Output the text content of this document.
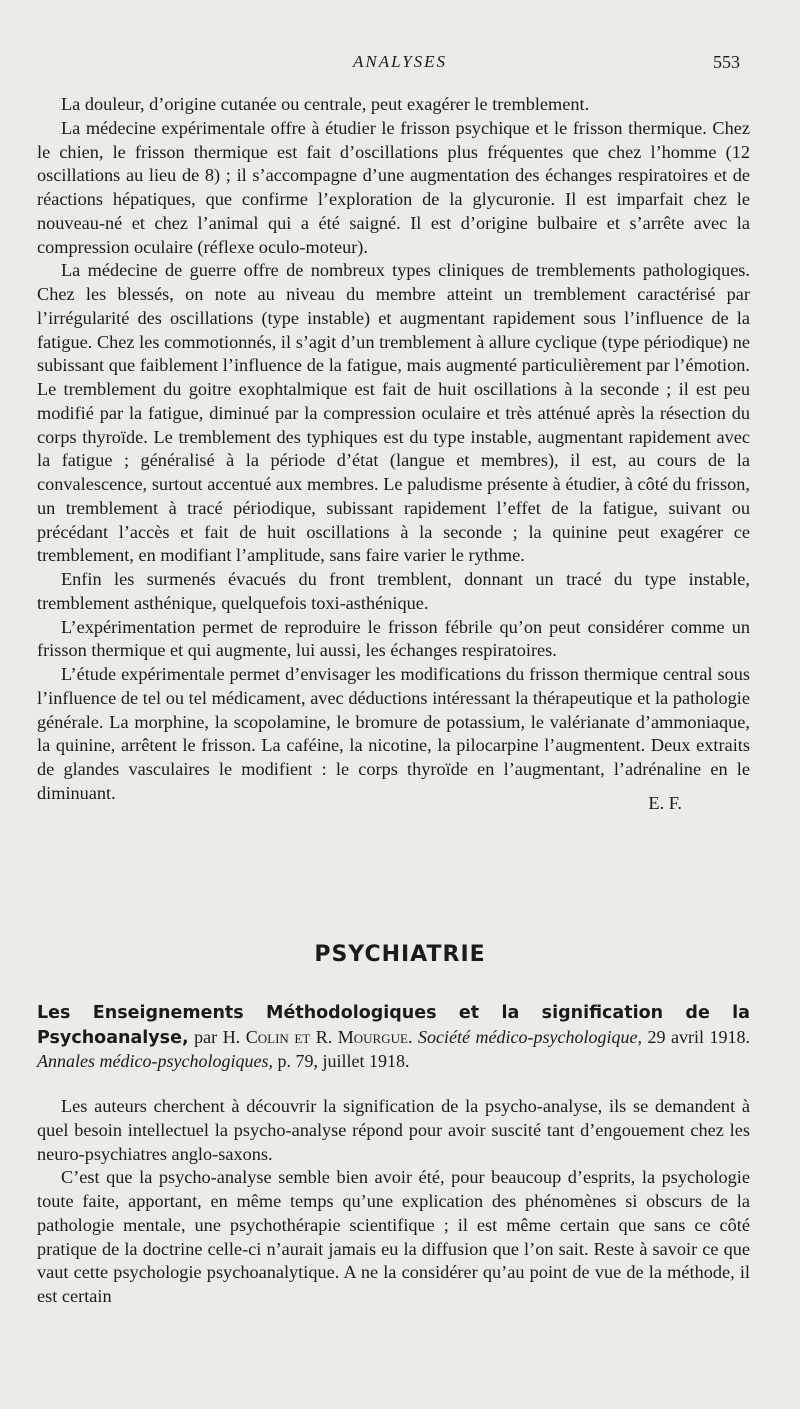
ANALYSES	553

La douleur, d’origine cutanée ou centrale, peut exagérer le tremblement.

La médecine expérimentale offre à étudier le frisson psychique et le frisson thermique. Chez le chien, le frisson thermique est fait d’oscillations plus fréquentes que chez l’homme (12 oscillations au lieu de 8) ; il s’accompagne d’une augmentation des échanges respiratoires et de réactions hépatiques, que confirme l’exploration de la glycuronie. Il est imparfait chez le nouveau-né et chez l’animal qui a été saigné. Il est d’origine bulbaire et s’arrête avec la compression oculaire (réflexe oculo-moteur).

La médecine de guerre offre de nombreux types cliniques de tremblements pathologiques. Chez les blessés, on note au niveau du membre atteint un tremblement caractérisé par l’irrégularité des oscillations (type instable) et augmentant rapidement sous l’influence de la fatigue. Chez les commotionnés, il s’agit d’un tremblement à allure cyclique (type périodique) ne subissant que faiblement l’influence de la fatigue, mais augmenté particulièrement par l’émotion. Le tremblement du goitre exophtalmique est fait de huit oscillations à la seconde ; il est peu modifié par la fatigue, diminué par la compression oculaire et très atténué après la résection du corps thyroïde. Le tremblement des typhiques est du type instable, augmentant rapidement avec la fatigue ; généralisé à la période d’état (langue et membres), il est, au cours de la convalescence, surtout accentué aux membres. Le paludisme présente à étudier, à côté du frisson, un tremblement à tracé périodique, subissant rapidement l’effet de la fatigue, suivant ou précédant l’accès et fait de huit oscillations à la seconde ; la quinine peut exagérer ce tremblement, en modifiant l’amplitude, sans faire varier le rythme.

Enfin les surmenés évacués du front tremblent, donnant un tracé du type instable, tremblement asthénique, quelquefois toxi-asthénique.

L’expérimentation permet de reproduire le frisson fébrile qu’on peut considérer comme un frisson thermique et qui augmente, lui aussi, les échanges respiratoires.

L’étude expérimentale permet d’envisager les modifications du frisson thermique central sous l’influence de tel ou tel médicament, avec déductions intéressant la thérapeutique et la pathologie générale. La morphine, la scopolamine, le bromure de potassium, le valérianate d’ammoniaque, la quinine, arrêtent le frisson. La caféine, la nicotine, la pilocarpine l’augmentent. Deux extraits de glandes vasculaires le modifient : le corps thyroïde en l’augmentant, l’adrénaline en le diminuant.	E. F.
PSYCHIATRIE
Les Enseignements Méthodologiques et la signification de la Psychoanalyse, par H. Colin et R. Mourgue. Société médico-psychologique, 29 avril 1918. Annales médico-psychologiques, p. 79, juillet 1918.

Les auteurs cherchent à découvrir la signification de la psycho-analyse, ils se demandent à quel besoin intellectuel la psycho-analyse répond pour avoir suscité tant d’engouement chez les neuro-psychiatres anglo-saxons.

C’est que la psycho-analyse semble bien avoir été, pour beaucoup d’esprits, la psychologie toute faite, apportant, en même temps qu’une explication des phénomènes si obscurs de la pathologie mentale, une psychothérapie scientifique ; il est même certain que sans ce côté pratique de la doctrine celle-ci n’aurait jamais eu la diffusion que l’on sait. Reste à savoir ce que vaut cette psychologie psychoanalytique. A ne la considérer qu’au point de vue de la méthode, il est certain
